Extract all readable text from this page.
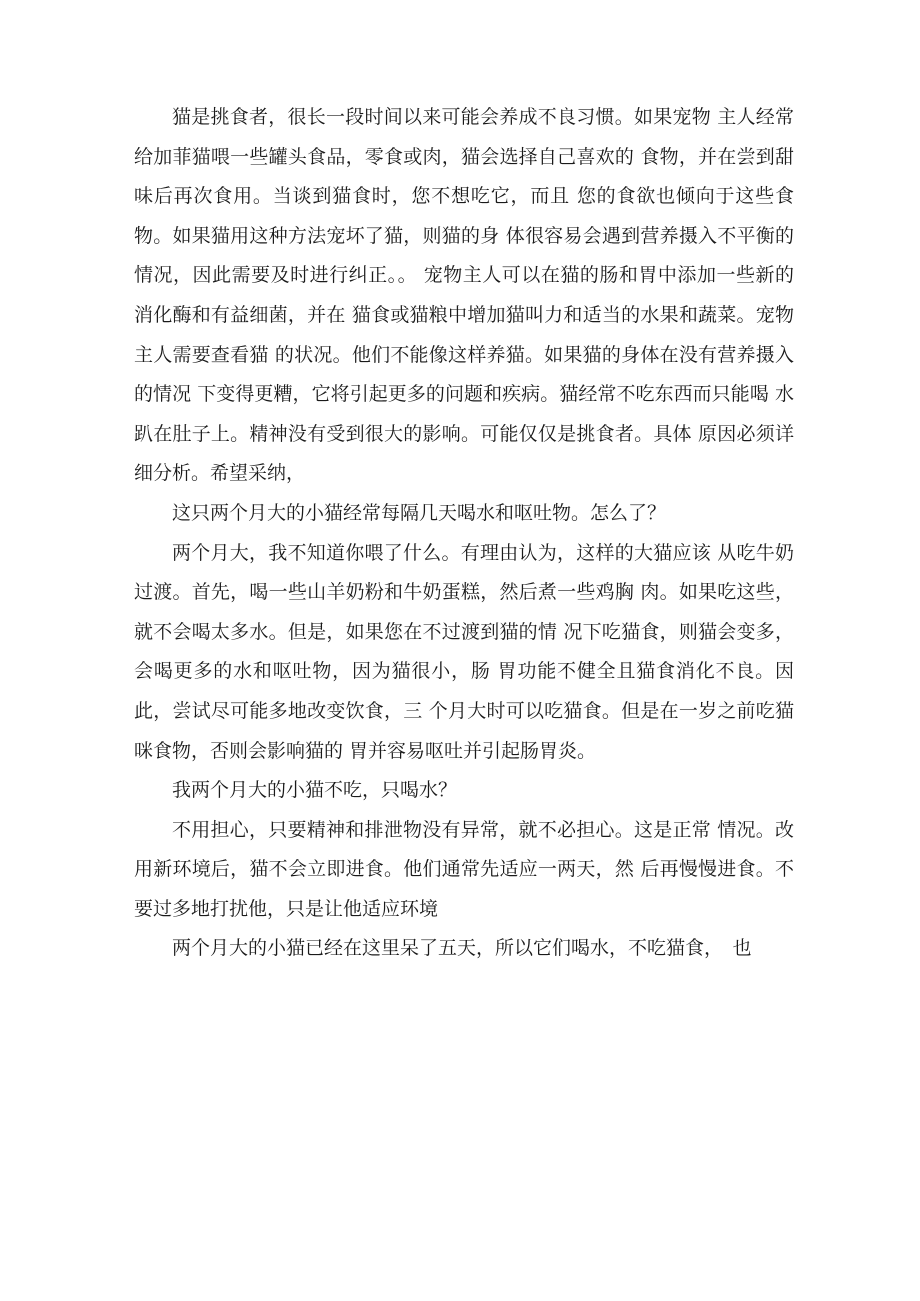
猫是挑食者，很长一段时间以来可能会养成不良习惯。如果宠物 主人经常给加菲猫喂一些罐头食品，零食或肉，猫会选择自己喜欢的 食物，并在尝到甜味后再次食用。当谈到猫食时，您不想吃它，而且 您的食欲也倾向于这些食物。如果猫用这种方法宠坏了猫，则猫的身 体很容易会遇到营养摄入不平衡的情况，因此需要及时进行纠正。。 宠物主人可以在猫的肠和胃中添加一些新的消化酶和有益细菌，并在 猫食或猫粮中增加猫叫力和适当的水果和蔬菜。宠物主人需要查看猫 的状况。他们不能像这样养猫。如果猫的身体在没有营养摄入的情况 下变得更糟，它将引起更多的问题和疾病。猫经常不吃东西而只能喝 水趴在肚子上。精神没有受到很大的影响。可能仅仅是挑食者。具体 原因必须详细分析。希望采纳，

这只两个月大的小猫经常每隔几天喝水和呕吐物。怎么了？

两个月大，我不知道你喂了什么。有理由认为，这样的大猫应该 从吃牛奶过渡。首先，喝一些山羊奶粉和牛奶蛋糕，然后煮一些鸡胸 肉。如果吃这些，就不会喝太多水。但是，如果您在不过渡到猫的情 况下吃猫食，则猫会变多，会喝更多的水和呕吐物，因为猫很小，肠 胃功能不健全且猫食消化不良。因此，尝试尽可能多地改变饮食，三 个月大时可以吃猫食。但是在一岁之前吃猫咪食物，否则会影响猫的 胃并容易呕吐并引起肠胃炎。

我两个月大的小猫不吃，只喝水？

不用担心，只要精神和排泄物没有异常，就不必担心。这是正常 情况。改用新环境后，猫不会立即进食。他们通常先适应一两天，然 后再慢慢进食。不要过多地打扰他，只是让他适应环境

两个月大的小猫已经在这里呆了五天，所以它们喝水，不吃猫食，　也
